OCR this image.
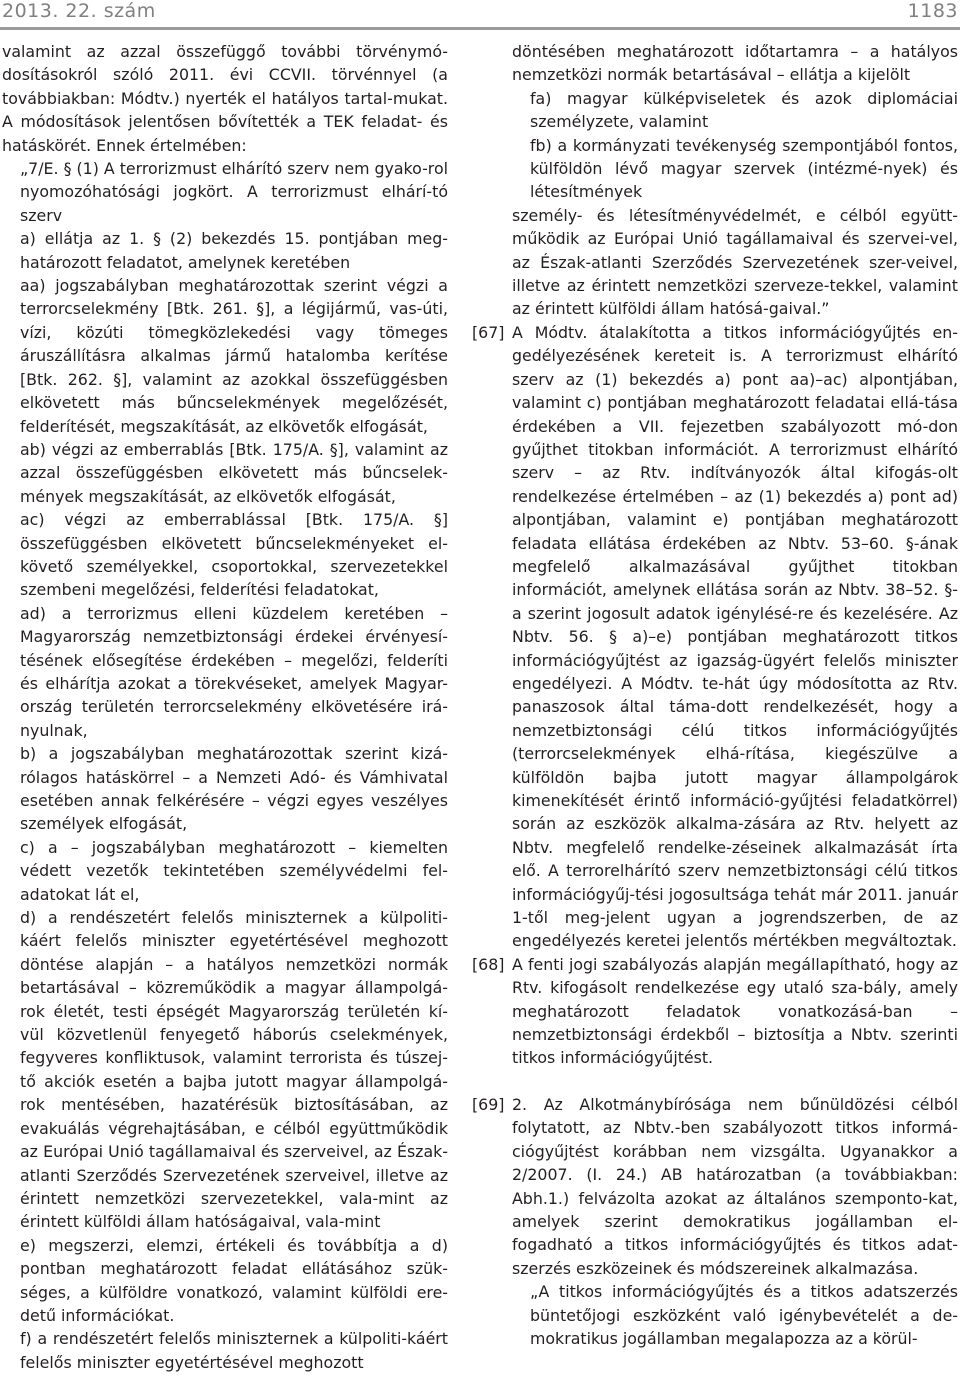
2013. 22. szám	1183

valamint az azzal összefüggő további törvénymó-dosításokról szóló 2011. évi CCVII. törvénnyel (a továbbiakban: Módtv.) nyerték el hatályos tartal-mukat. A módosítások jelentősen bővítették a TEK feladat- és hatáskörét. Ennek értelmében:

„7/E. § (1) A terrorizmust elhárító szerv nem gyako-rol nyomozóhatósági jogkört. A terrorizmust elhárí-tó szerv

a) ellátja az 1. § (2) bekezdés 15. pontjában meg-határozott feladatot, amelynek keretében

aa) jogszabályban meghatározottak szerint végzi a terrorcselekmény [Btk. 261. §], a légijármű, vas-úti, vízi, közúti tömegközlekedési vagy tömeges áruszállításra alkalmas jármű hatalomba kerítése [Btk. 262. §], valamint az azokkal összefüggésben elkövetett más bűncselekmények megelőzését, felderítését, megszakítását, az elkövetők elfogását,

ab) végzi az emberrablás [Btk. 175/A. §], valamint az azzal összefüggésben elkövetett más bűncselek-mények megszakítását, az elkövetők elfogását,

ac) végzi az emberrablással [Btk. 175/A. §] összefüggésben elkövetett bűncselekményeket el-követő személyekkel, csoportokkal, szervezetekkel szembeni megelőzési, felderítési feladatokat,

ad) a terrorizmus elleni küzdelem keretében – Magyarország nemzetbiztonsági érdekei érvényesí-tésének elősegítése érdekében – megelőzi, felderíti és elhárítja azokat a törekvéseket, amelyek Magyar-ország területén terrorcselekmény elkövetésére irá-nyulnak,

b) a jogszabályban meghatározottak szerint kizá-rólagos hatáskörrel – a Nemzeti Adó- és Vámhivatal esetében annak felkérésére – végzi egyes veszélyes személyek elfogását,

c) a – jogszabályban meghatározott – kiemelten védett vezetők tekintetében személyvédelmi fel-adatokat lát el,

d) a rendészetért felelős miniszternek a külpoliti-káért felelős miniszter egyetértésével meghozott döntése alapján – a hatályos nemzetközi normák betartásával – közreműködik a magyar állampolgá-rok életét, testi épségét Magyarország területén kí-vül közvetlenül fenyegető háborús cselekmények, fegyveres konfliktusok, valamint terrorista és túszej-tő akciók esetén a bajba jutott magyar állampolgá-rok mentésében, hazatérésük biztosításában, az evakuálás végrehajtásában, e célból együttműködik az Európai Unió tagállamaival és szerveivel, az Észak-atlanti Szerződés Szervezetének szerveivel, illetve az érintett nemzetközi szervezetekkel, vala-mint az érintett külföldi állam hatóságaival, vala-mint

e) megszerzi, elemzi, értékeli és továbbítja a d) pontban meghatározott feladat ellátásához szük-séges, a külföldre vonatkozó, valamint külföldi ere-detű információkat.

f) a rendészetért felelős miniszternek a külpoliti-káért felelős miniszter egyetértésével meghozott

döntésében meghatározott időtartamra – a hatályos nemzetközi normák betartásával – ellátja a kijelölt

fa) magyar külképviseletek és azok diplomáciai személyzete, valamint

fb) a kormányzati tevékenység szempontjából fontos, külföldön lévő magyar szervek (intézmé-nyek) és létesítmények

személy- és létesítményvédelmét, e célból együtt-működik az Európai Unió tagállamaival és szervei-vel, az Észak-atlanti Szerződés Szervezetének szer-veivel, illetve az érintett nemzetközi szerveze-tekkel, valamint az érintett külföldi állam hatósá-gaival.”

[67] A Módtv. átalakította a titkos információgyűjtés en-gedélyezésének kereteit is. A terrorizmust elhárító szerv az (1) bekezdés a) pont aa)–ac) alpontjában, valamint c) pontjában meghatározott feladatai ellá-tása érdekében a VII. fejezetben szabályozott mó-don gyűjthet titokban információt. A terrorizmust elhárító szerv – az Rtv. indítványozók által kifogás-olt rendelkezése értelmében – az (1) bekezdés a) pont ad) alpontjában, valamint e) pontjában meghatározott feladata ellátása érdekében az Nbtv. 53–60. §-ának megfelelő alkalmazásával gyűjthet titokban információt, amelynek ellátása során az Nbtv. 38–52. §-a szerint jogosult adatok igénylésé-re és kezelésére. Az Nbtv. 56. § a)–e) pontjában meghatározott titkos információgyűjtést az igazság-ügyért felelős miniszter engedélyezi. A Módtv. te-hát úgy módosította az Rtv. panaszosok által táma-dott rendelkezését, hogy a nemzetbiztonsági célú titkos információgyűjtés (terrorcselekmények elhá-rítása, kiegészülve a külföldön bajba jutott magyar állampolgárok kimenekítését érintő információ-gyűjtési feladatkörrel) során az eszközök alkalma-zására az Rtv. helyett az Nbtv. megfelelő rendelke-zéseinek alkalmazását írta elő. A terrorelhárító szerv nemzetbiztonsági célú titkos információgyűj-tési jogosultsága tehát már 2011. január 1-től meg-jelent ugyan a jogrendszerben, de az engedélyezés keretei jelentős mértékben megváltoztak.

[68] A fenti jogi szabályozás alapján megállapítható, hogy az Rtv. kifogásolt rendelkezése egy utaló sza-bály, amely meghatározott feladatok vonatkozásá-ban – nemzetbiztonsági érdekből – biztosítja a Nbtv. szerinti titkos információgyűjtést.

[69] 2. Az Alkotmánybírósága nem bűnüldözési célból folytatott, az Nbtv.-ben szabályozott titkos informá-ciógyűjtést korábban nem vizsgálta. Ugyanakkor a 2/2007. (I. 24.) AB határozatban (a továbbiakban: Abh.1.) felvázolta azokat az általános szemponto-kat, amelyek szerint demokratikus jogállamban el-fogadható a titkos információgyűjtés és titkos adat-szerzés eszközeinek és módszereinek alkalmazása.

„A titkos információgyűjtés és a titkos adatszerzés büntetőjogi eszközként való igénybevételét a de-mokratikus jogállamban megalapozza az a körül-
